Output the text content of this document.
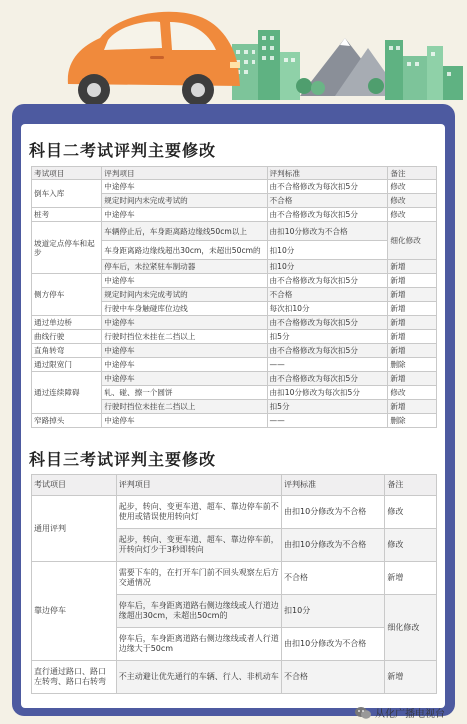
科目二考试评判主要修改
考试项目	评判项目	评判标准	备注
倒车入库	中途停车	由不合格修改为每次扣5分	修改
	规定时间内未完成考试的	不合格	修改
桩考	中途停车	由不合格修改为每次扣5分	修改
坡道定点停车和起步	车辆停止后，车身距离路边缘线50cm以上	由扣10分修改为不合格	细化修改
	车身距离路边缘线超出30cm，未超出50cm的	扣10分	
	停车后，未拉紧驻车制动器	扣10分	新增
侧方停车	中途停车	由不合格修改为每次扣5分	新增
	规定时间内未完成考试的	不合格	新增
	行驶中车身触碰库位边线	每次扣10分	新增
通过单边桥	中途停车	由不合格修改为每次扣5分	新增
曲线行驶	行驶时挡位未挂在二挡以上	扣5分	新增
直角转弯	中途停车	由不合格修改为每次扣5分	新增
通过限宽门	中途停车	——	删除
通过连续障碍	中途停车	由不合格修改为每次扣5分	新增
	轧、碰、擦一个圆饼	由扣10分修改为每次扣5分	修改
	行驶时挡位未挂在二挡以上	扣5分	新增
窄路掉头	中途停车	——	删除
科目三考试评判主要修改
考试项目	评判项目	评判标准	备注
通用评判	起步，转向、变更车道、超车、靠边停车前不使用或错误使用转向灯	由扣10分修改为不合格	修改
	起步，转向、变更车道、超车、靠边停车前，开转向灯少于3秒即转向	由扣10分修改为不合格	修改
靠边停车	需要下车的，在打开车门前不回头观察左后方交通情况	不合格	新增
	停车后，车身距离道路右侧边缘线或人行道边缘超出30cm，未超出50cm的	扣10分	细化修改
	停车后，车身距离道路右侧边缘线或者人行道边缘大于50cm	由扣10分修改为不合格	
直行通过路口、路口左转弯、路口右转弯	不主动避让优先通行的车辆、行人、非机动车	不合格	新增
从化广播电视台
